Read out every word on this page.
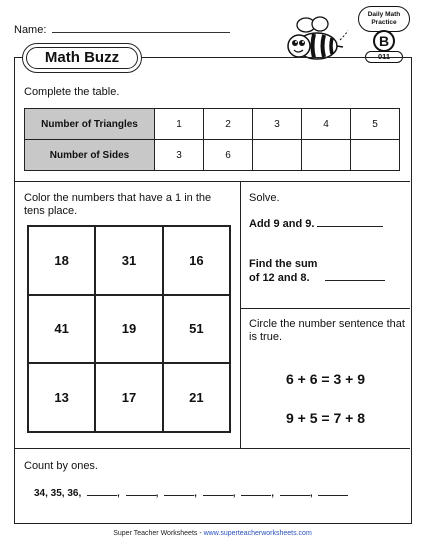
Name:
Daily Math Practice
B
011
Complete the table.
Number of Triangles	1	2	3	4	5
Number of Sides	3	6			
Color the numbers that have a 1 in the tens place.
18	31	16
41	19	51
13	17	21
Solve.
Add 9 and 9.
Find the sum
of 12 and 8.
Circle the number sentence that is true.
6 + 6 = 3 + 9
9 + 5 = 7 + 8
Count by ones.
34, 35, 36,	,	,	,	,	,	,
Math Buzz
Super Teacher Worksheets - www.superteacherworksheets.com
